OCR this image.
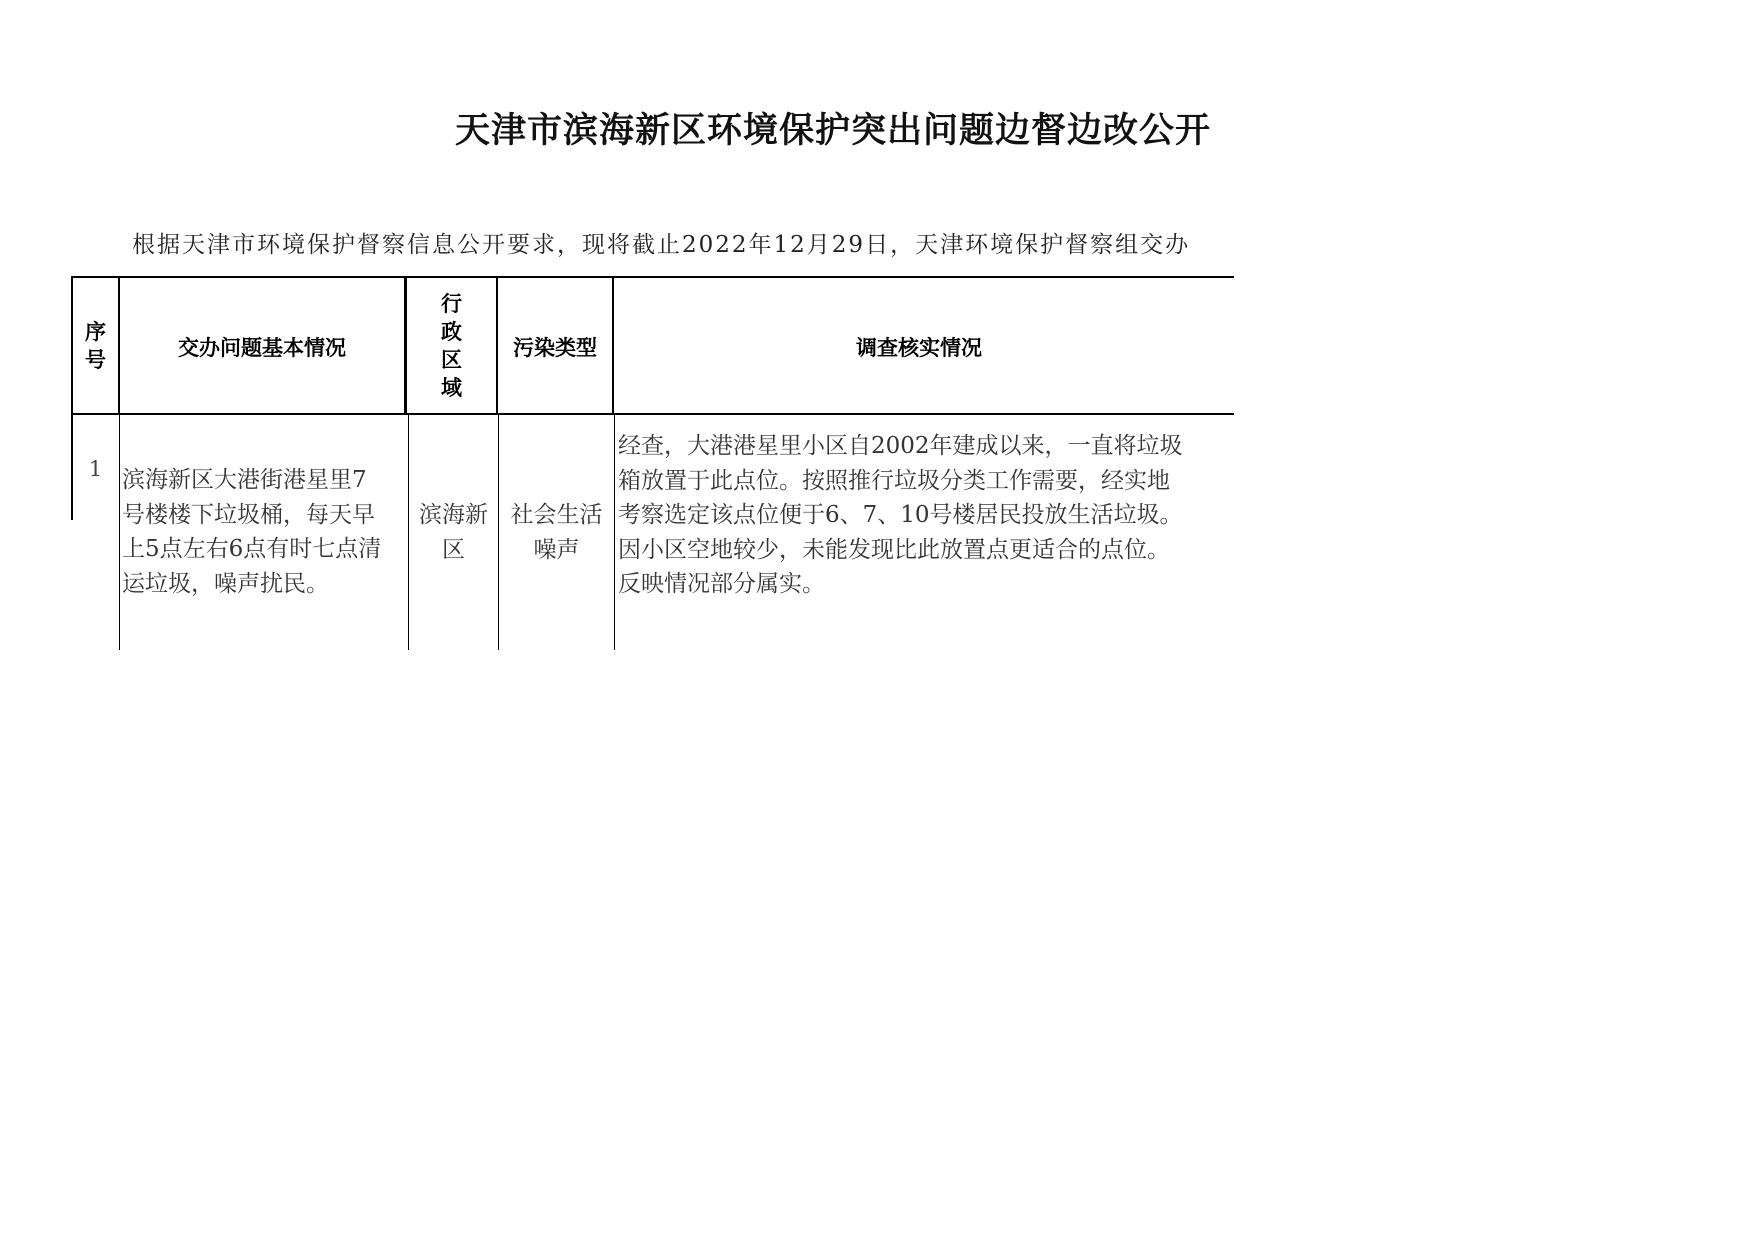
天津市滨海新区环境保护突出问题边督边改公开
根据天津市环境保护督察信息公开要求，现将截止2022年12月29日，天津环境保护督察组交办
序
号	交办问题基本情况
行
政
区
域
污染类型	调查核实情况
1 滨海新区大港街港星里7
号楼楼下垃圾桶，每天早
上5点左右6点有时七点清
运垃圾，噪声扰民。
滨海新
区
社会生活
噪声
经查，大港港星里小区自2002年建成以来，一直将垃圾
箱放置于此点位。按照推行垃圾分类工作需要，经实地
考察选定该点位便于6、7、10号楼居民投放生活垃圾。
因小区空地较少，未能发现比此放置点更适合的点位。
反映情况部分属实。
